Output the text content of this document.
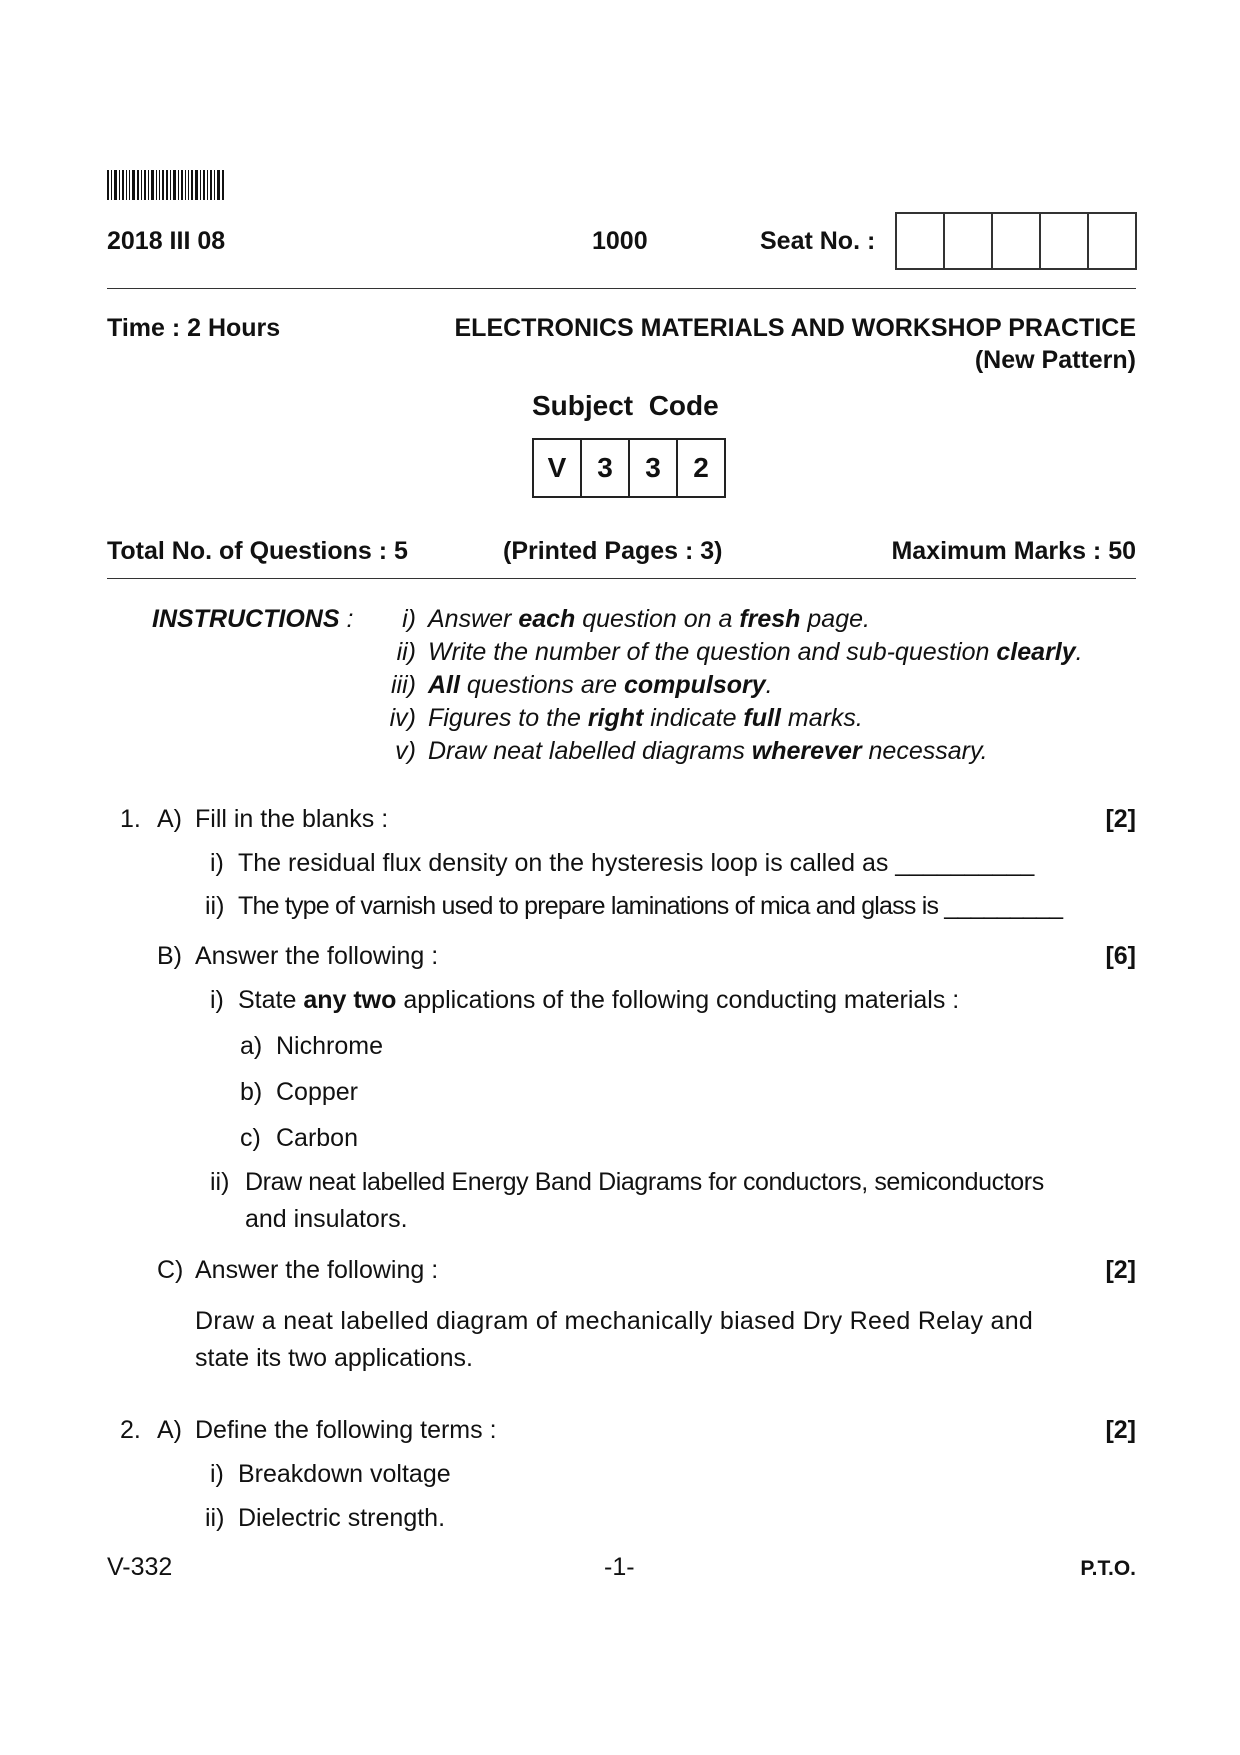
2018 III 08	1000	Seat No. :
Time : 2 Hours	ELECTRONICS MATERIALS AND WORKSHOP PRACTICE
(New Pattern)
Subject  Code
V	3	3	2
Total No. of Questions : 5	(Printed Pages : 3)	Maximum Marks : 50
INSTRUCTIONS :	i) Answer each question on a fresh page.
ii) Write the number of the question and sub-question clearly.
iii) All questions are compulsory.
iv) Figures to the right indicate full marks.
v) Draw neat labelled diagrams wherever necessary.
1. A) Fill in the blanks :	[2]
i) The residual flux density on the hysteresis loop is called as __________
ii) The type of varnish used to prepare laminations of mica and glass is _________
B) Answer the following :	[6]
i) State any two applications of the following conducting materials :
a) Nichrome
b) Copper
c) Carbon
ii) Draw neat labelled Energy Band Diagrams for conductors, semiconductors
and insulators.
C) Answer the following :	[2]
Draw a neat labelled diagram of mechanically biased Dry Reed Relay and
state its two applications.
2. A) Define the following terms :	[2]
i) Breakdown voltage
ii) Dielectric strength.
V-332	-1-	P.T.O.
